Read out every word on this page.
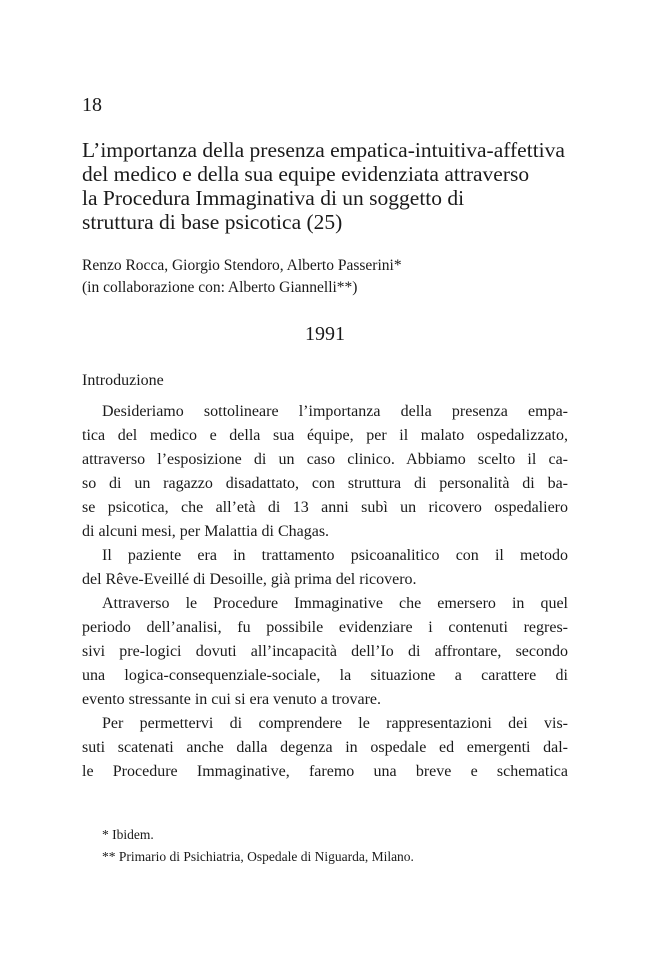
18
L’importanza della presenza empatica-intuitiva-affettiva
del medico e della sua equipe evidenziata attraverso
la Procedura Immaginativa di un soggetto di
struttura di base psicotica (25)
Renzo Rocca, Giorgio Stendoro, Alberto Passerini*
(in collaborazione con: Alberto Giannelli**)
1991
Introduzione
Desideriamo sottolineare l’importanza della presenza empa-
tica del medico e della sua équipe, per il malato ospedalizzato,
attraverso l’esposizione di un caso clinico. Abbiamo scelto il ca-
so di un ragazzo disadattato, con struttura di personalità di ba-
se psicotica, che all’età di 13 anni subì un ricovero ospedaliero
di alcuni mesi, per Malattia di Chagas.
Il paziente era in trattamento psicoanalitico con il metodo
del Rêve-Eveillé di Desoille, già prima del ricovero.
Attraverso le Procedure Immaginative che emersero in quel
periodo dell’analisi, fu possibile evidenziare i contenuti regres-
sivi pre-logici dovuti all’incapacità dell’Io di affrontare, secondo
una logica-consequenziale-sociale, la situazione a carattere di
evento stressante in cui si era venuto a trovare.
Per permettervi di comprendere le rappresentazioni dei vis-
suti scatenati anche dalla degenza in ospedale ed emergenti dal-
le Procedure Immaginative, faremo una breve e schematica
* Ibidem.
** Primario di Psichiatria, Ospedale di Niguarda, Milano.
